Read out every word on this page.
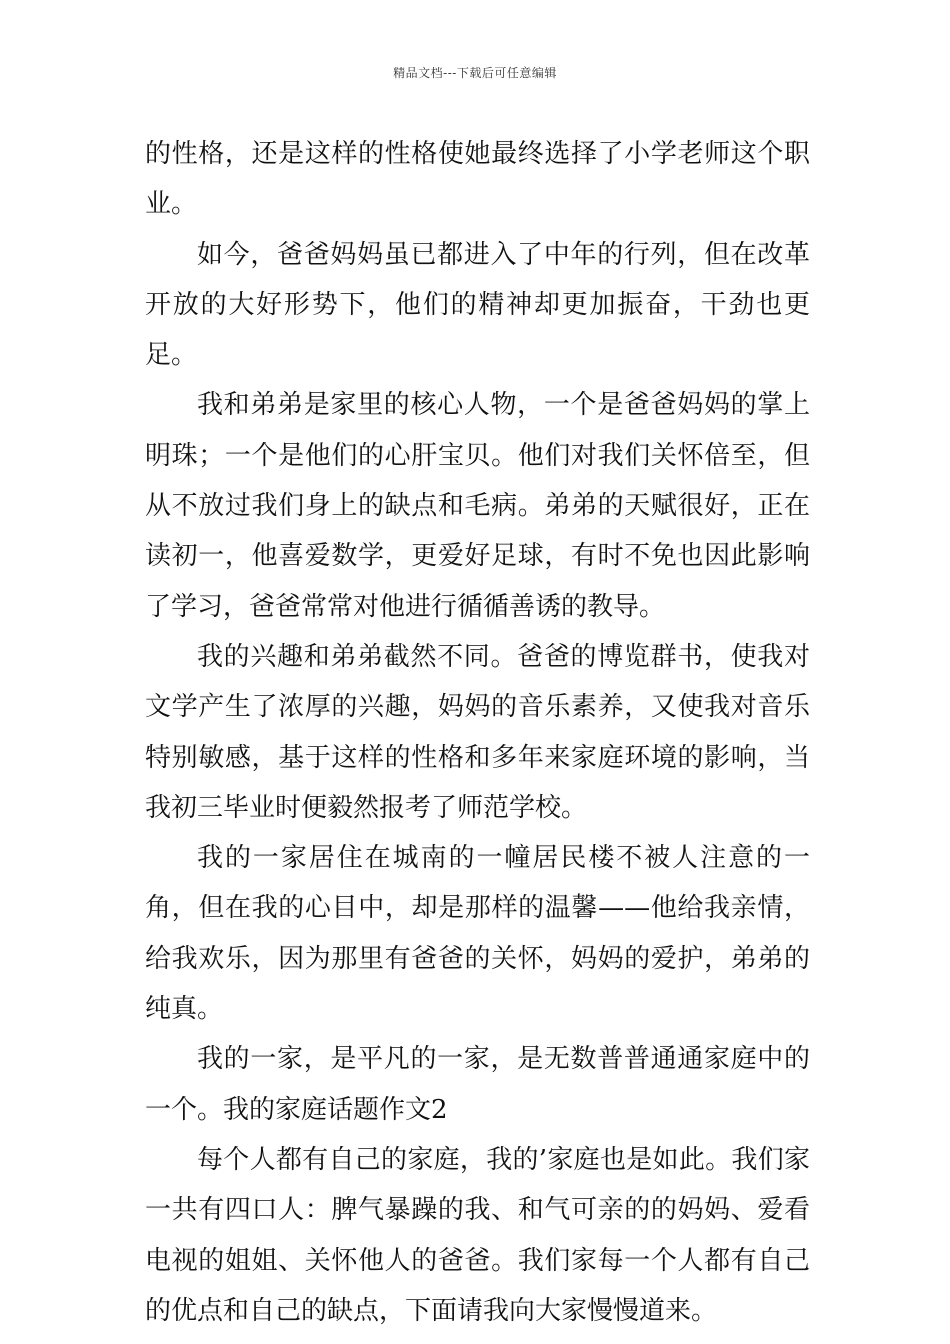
精品文档---下载后可任意编辑

的性格，还是这样的性格使她最终选择了小学老师这个职业。

如今，爸爸妈妈虽已都进入了中年的行列，但在改革开放的大好形势下，他们的精神却更加振奋，干劲也更足。

我和弟弟是家里的核心人物，一个是爸爸妈妈的掌上明珠；一个是他们的心肝宝贝。他们对我们关怀倍至，但从不放过我们身上的缺点和毛病。弟弟的天赋很好，正在读初一，他喜爱数学，更爱好足球，有时不免也因此影响了学习，爸爸常常对他进行循循善诱的教导。

我的兴趣和弟弟截然不同。爸爸的博览群书，使我对文学产生了浓厚的兴趣，妈妈的音乐素养，又使我对音乐特别敏感，基于这样的性格和多年来家庭环境的影响，当我初三毕业时便毅然报考了师范学校。

我的一家居住在城南的一幢居民楼不被人注意的一角，但在我的心目中，却是那样的温馨——他给我亲情，给我欢乐，因为那里有爸爸的关怀，妈妈的爱护，弟弟的纯真。

我的一家，是平凡的一家，是无数普普通通家庭中的一个。我的家庭话题作文2

每个人都有自己的家庭，我的’家庭也是如此。我们家一共有四口人：脾气暴躁的我、和气可亲的的妈妈、爱看电视的姐姐、关怀他人的爸爸。我们家每一个人都有自己的优点和自己的缺点，下面请我向大家慢慢道来。
